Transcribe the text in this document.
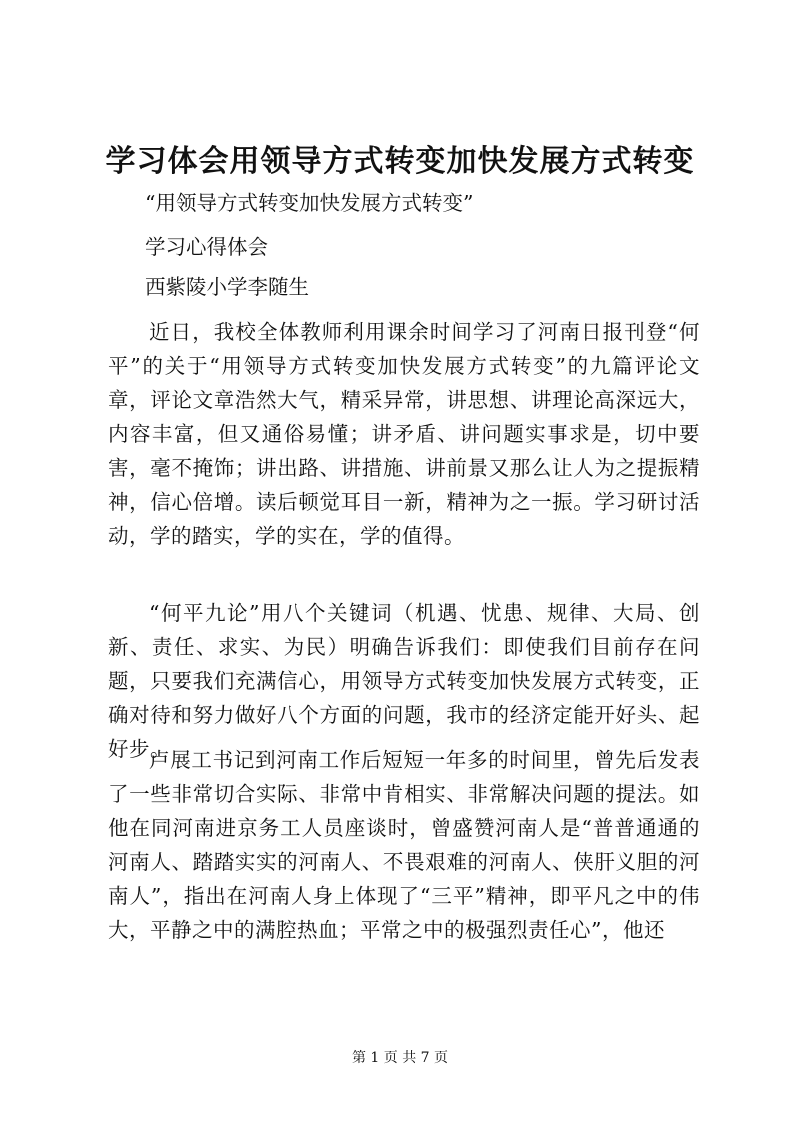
学习体会用领导方式转变加快发展方式转变

“用领导方式转变加快发展方式转变”

学习心得体会

西紫陵小学李随生

近日，我校全体教师利用课余时间学习了河南日报刊登“何平”的关于“用领导方式转变加快发展方式转变”的九篇评论文章，评论文章浩然大气，精采异常，讲思想、讲理论高深远大，内容丰富，但又通俗易懂；讲矛盾、讲问题实事求是，切中要害，毫不掩饰；讲出路、讲措施、讲前景又那么让人为之提振精神，信心倍增。读后顿觉耳目一新，精神为之一振。学习研讨活动，学的踏实，学的实在，学的值得。

“何平九论”用八个关键词（机遇、忧患、规律、大局、创新、责任、求实、为民）明确告诉我们：即使我们目前存在问题，只要我们充满信心，用领导方式转变加快发展方式转变，正确对待和努力做好八个方面的问题，我市的经济定能开好头、起好步。

卢展工书记到河南工作后短短一年多的时间里，曾先后发表了一些非常切合实际、非常中肯相实、非常解决问题的提法。如他在同河南进京务工人员座谈时，曾盛赞河南人是“普普通通的河南人、踏踏实实的河南人、不畏艰难的河南人、侠肝义胆的河南人”，指出在河南人身上体现了“三平”精神，即平凡之中的伟大，平静之中的满腔热血；平常之中的极强烈责任心”，他还

第 1 页 共 7 页
